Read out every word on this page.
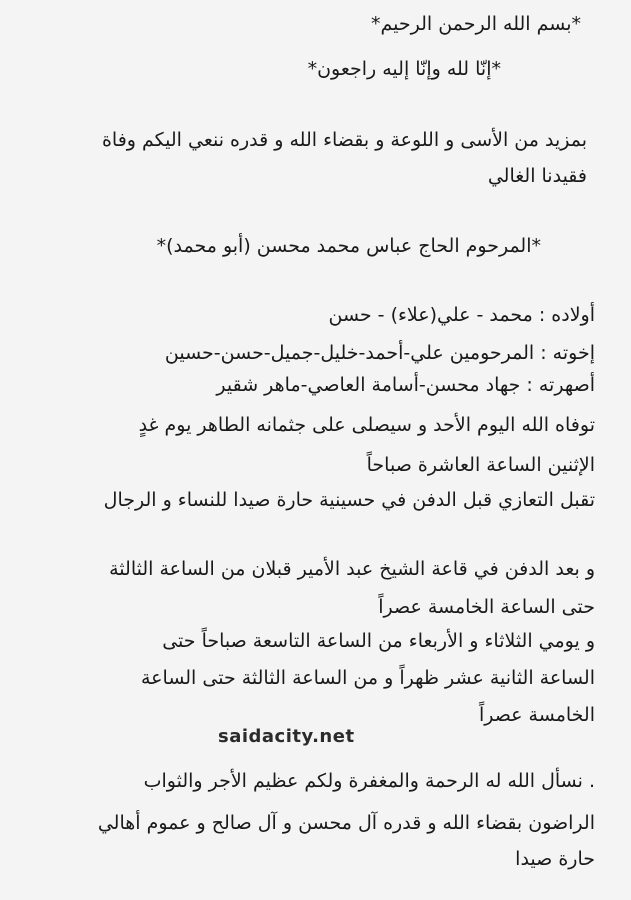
*بسم الله الرحمن الرحيم*
*إنّا لله وإنّا إليه راجعون*
بمزيد من الأسى و اللوعة و بقضاء الله و قدره ننعي اليكم وفاة
فقيدنا الغالي
*المرحوم الحاج عباس محمد محسن (أبو محمد)*
أولاده : محمد - علي(علاء) - حسن
إخوته : المرحومين علي-أحمد-خليل-جميل-حسن-حسين
أصهرته : جهاد محسن-أسامة العاصي-ماهر شقير
توفاه الله اليوم الأحد و سيصلى على جثمانه الطاهر يوم غدٍ
الإثنين الساعة العاشرة صباحاً
تقبل التعازي قبل الدفن في حسينية حارة صيدا للنساء و الرجال
و بعد الدفن في قاعة الشيخ عبد الأمير قبلان من الساعة الثالثة
حتى الساعة الخامسة عصراً
و يومي الثلاثاء و الأربعاء من الساعة التاسعة صباحاً حتى
الساعة الثانية عشر ظهراً و من الساعة الثالثة حتى الساعة
الخامسة عصراً
saidacity.net
. نسأل الله له الرحمة والمغفرة ولكم عظيم الأجر والثواب
الراضون بقضاء الله و قدره آل محسن و آل صالح و عموم أهالي
حارة صيدا
